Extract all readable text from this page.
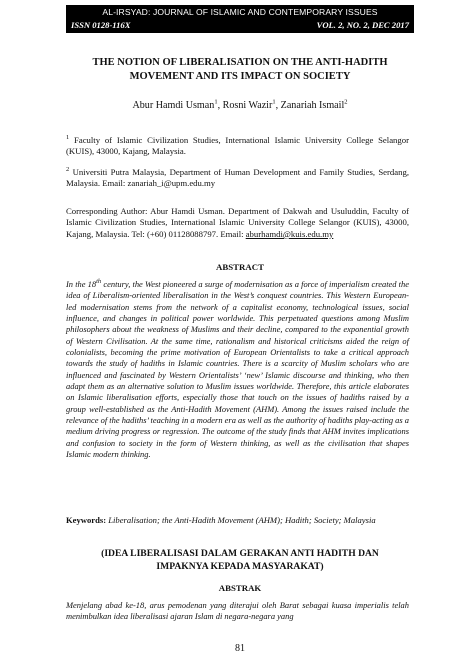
AL-IRSYAD: JOURNAL OF ISLAMIC AND CONTEMPORARY ISSUES
ISSN 0128-116X	VOL. 2, NO. 2, DEC 2017
THE NOTION OF LIBERALISATION ON THE ANTI-HADITH
MOVEMENT AND ITS IMPACT ON SOCIETY
Abur Hamdi Usman$^1$, Rosni Wazir$^1$, Zanariah Ismail$^2$
$^1$ Faculty of Islamic Civilization Studies, International Islamic University College Selangor (KUIS), 43000, Kajang, Malaysia.
$^2$ Universiti Putra Malaysia, Department of Human Development and Family Studies, Serdang, Malaysia. Email: zanariah_i@upm.edu.my
Corresponding Author: Abur Hamdi Usman. Department of Dakwah and Usuluddin, Faculty of Islamic Civilization Studies, International Islamic University College Selangor (KUIS), 43000, Kajang, Malaysia. Tel: (+60) 01128088797. Email: aburhamdi@kuis.edu.my
ABSTRACT
In the 18th century, the West pioneered a surge of modernisation as a force of imperialism created the idea of Liberalism-oriented liberalisation in the West’s conquest countries. This Western European-led modernisation stems from the network of a capitalist economy, technological issues, social influence, and changes in political power worldwide. This perpetuated questions among Muslim philosophers about the weakness of Muslims and their decline, compared to the exponential growth of Western Civilisation. At the same time, rationalism and historical criticisms aided the reign of colonialists, becoming the prime motivation of European Orientalists to take a critical approach towards the study of hadiths in Islamic countries. There is a scarcity of Muslim scholars who are influenced and fascinated by Western Orientalists’ ‘new’ Islamic discourse and thinking, who then adapt them as an alternative solution to Muslim issues worldwide. Therefore, this article elaborates on Islamic liberalisation efforts, especially those that touch on the issues of hadiths raised by a group well-established as the Anti-Hadith Movement (AHM). Among the issues raised include the relevance of the hadiths’ teaching in a modern era as well as the authority of hadiths play-acting as a medium driving progress or regression. The outcome of the study finds that AHM invites implications and confusion to society in the form of Western thinking, as well as the civilisation that shapes Islamic modern thinking.
Keywords: Liberalisation; the Anti-Hadith Movement (AHM); Hadith; Society; Malaysia
(IDEA LIBERALISASI DALAM GERAKAN ANTI HADITH DAN
IMPAKNYA KEPADA MASYARAKAT)
ABSTRAK
Menjelang abad ke-18, arus pemodenan yang diterajui oleh Barat sebagai kuasa imperialis telah menimbulkan idea liberalisasi ajaran Islam di negara-negara yang
81
